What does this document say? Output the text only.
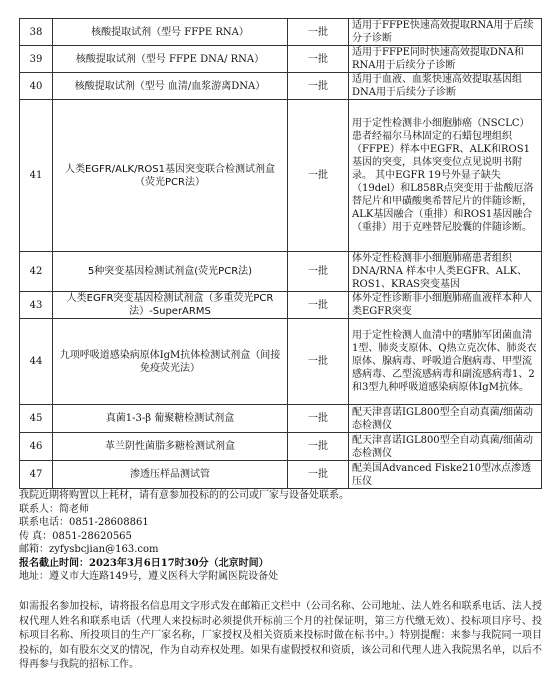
38	核酸提取试剂（型号 FFPE RNA）	一批	适用于FFPE快速高效提取RNA用于后续分子诊断
39	核酸提取试剂（型号 FFPE DNA/ RNA）	一批	适用于FFPE同时快速高效提取DNA和RNA用于后续分子诊断
40	核酸提取试剂（型号 血清/血浆游离DNA）	一批	适用于血液、血浆快速高效提取基因组DNA用于后续分子诊断
41	人类EGFR/ALK/ROS1基因突变联合检测试剂盒（荧光PCR法）	一批	用于定性检测非小细胞肺癌（NSCLC）患者经福尔马林固定的石蜡包埋组织（FFPE）样本中EGFR、ALK和ROS1基因的突变，具体突变位点见说明书附录。 其中EGFR 19号外显子缺失（19del）和L858R点突变用于盐酸厄洛替尼片和甲磺酸奥希替尼片的伴随诊断，ALK基因融合（重排）和ROS1基因融合（重排）用于克唑替尼胶囊的伴随诊断。
42	5种突变基因检测试剂盒(荧光PCR法)	一批	体外定性检测非小细胞肺癌患者组织DNA/RNA 样本中人类EGFR、ALK、ROS1、KRAS突变基因
43	人类EGFR突变基因检测试剂盒（多重荧光PCR法）-SuperARMS	一批	体外定性诊断非小细胞肺癌血液样本种人类EGFR突变
44	九项呼吸道感染病原体IgM抗体检测试剂盒（间接免疫荧光法）	一批	用于定性检测人血清中的嗜肺军团菌血清1型、肺炎支原体、Q热立克次体、肺炎衣原体、腺病毒、呼吸道合胞病毒、甲型流感病毒、乙型流感病毒和副流感病毒1、2和3型九种呼吸道感染病原体IgM抗体。
45	真菌1-3-β 葡聚糖检测试剂盒	一批	配天津喜诺IGL800型全自动真菌/细菌动态检测仪
46	革兰阴性菌脂多糖检测试剂盒	一批	配天津喜诺IGL800型全自动真菌/细菌动态检测仪
47	渗透压样品测试管	一批	配美国Advanced Fiske210型冰点渗透压仪
我院近期将购置以上耗材，请有意参加投标的的公司或厂家与设备处联系。
联系人：简老师
联系电话：0851-28608861
传 真：0851-28620565
邮箱：zyfysbcjian@163.com
报名截止时间：2023年3月6日17时30分（北京时间）
地址：遵义市大连路149号，遵义医科大学附属医院设备处

如需报名参加投标，请将报名信息用文字形式发在邮箱正文栏中（公司名称、公司地址、法人姓名和联系电话、法人授权代理人姓名和联系电话（代理人来投标时必须提供开标前三个月的社保证明，第三方代缴无效）、投标项目序号、投标项目名称、所投项目的生产厂家名称，厂家授权及相关资质来投标时做在标书中。）特别提醒：来参与我院同一项目投标的，如有股东交叉的情况，作为自动弃权处理。如果有虚假授权和资质，该公司和代理人进入我院黑名单，以后不得再参与我院的招标工作。
